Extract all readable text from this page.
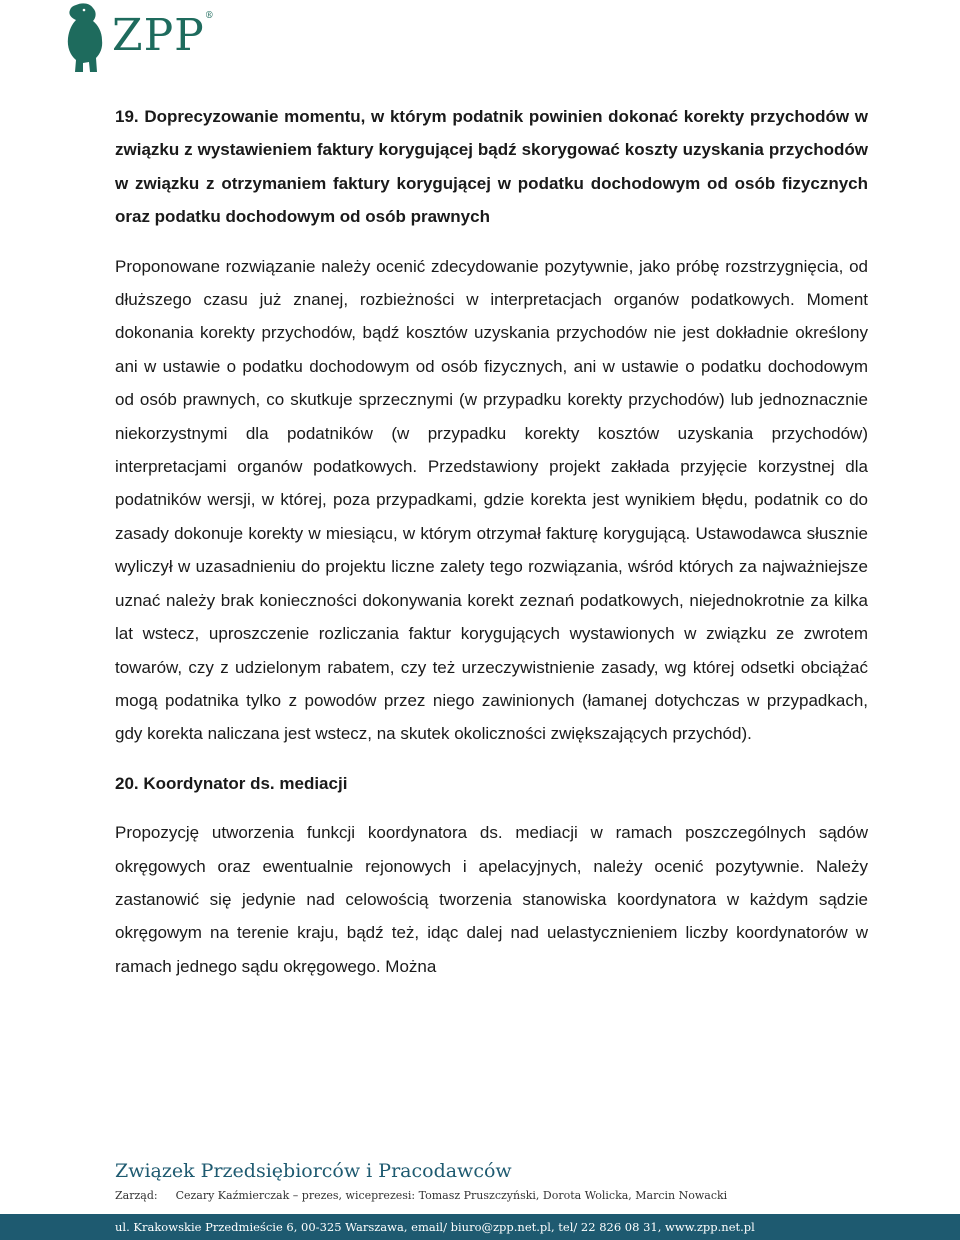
ZPP ®

19. Doprecyzowanie momentu, w którym podatnik powinien dokonać korekty przychodów w związku z wystawieniem faktury korygującej bądź skorygować koszty uzyskania przychodów w związku z otrzymaniem faktury korygującej w podatku dochodowym od osób fizycznych oraz podatku dochodowym od osób prawnych

Proponowane rozwiązanie należy ocenić zdecydowanie pozytywnie, jako próbę rozstrzygnięcia, od dłuższego czasu już znanej, rozbieżności w interpretacjach organów podatkowych. Moment dokonania korekty przychodów, bądź kosztów uzyskania przychodów nie jest dokładnie określony ani w ustawie o podatku dochodowym od osób fizycznych, ani w ustawie o podatku dochodowym od osób prawnych, co skutkuje sprzecznymi (w przypadku korekty przychodów) lub jednoznacznie niekorzystnymi dla podatników (w przypadku korekty kosztów uzyskania przychodów) interpretacjami organów podatkowych. Przedstawiony projekt zakłada przyjęcie korzystnej dla podatników wersji, w której, poza przypadkami, gdzie korekta jest wynikiem błędu, podatnik co do zasady dokonuje korekty w miesiącu, w którym otrzymał fakturę korygującą. Ustawodawca słusznie wyliczył w uzasadnieniu do projektu liczne zalety tego rozwiązania, wśród których za najważniejsze uznać należy brak konieczności dokonywania korekt zeznań podatkowych, niejednokrotnie za kilka lat wstecz, uproszczenie rozliczania faktur korygujących wystawionych w związku ze zwrotem towarów, czy z udzielonym rabatem, czy też urzeczywistnienie zasady, wg której odsetki obciążać mogą podatnika tylko z powodów przez niego zawinionych (łamanej dotychczas w przypadkach, gdy korekta naliczana jest wstecz, na skutek okoliczności zwiększających przychód).

20. Koordynator ds. mediacji

Propozycję utworzenia funkcji koordynatora ds. mediacji w ramach poszczególnych sądów okręgowych oraz ewentualnie rejonowych i apelacyjnych, należy ocenić pozytywnie. Należy zastanowić się jedynie nad celowością tworzenia stanowiska koordynatora w każdym sądzie okręgowym na terenie kraju, bądź też, idąc dalej nad uelastycznieniem liczby koordynatorów w ramach jednego sądu okręgowego. Można

Związek Przedsiębiorców i Pracodawców

Zarząd: Cezary Kaźmierczak – prezes, wiceprezesi: Tomasz Pruszczyński, Dorota Wolicka, Marcin Nowacki

ul. Krakowskie Przedmieście 6, 00-325 Warszawa, email/ biuro@zpp.net.pl, tel/ 22 826 08 31, www.zpp.net.pl
